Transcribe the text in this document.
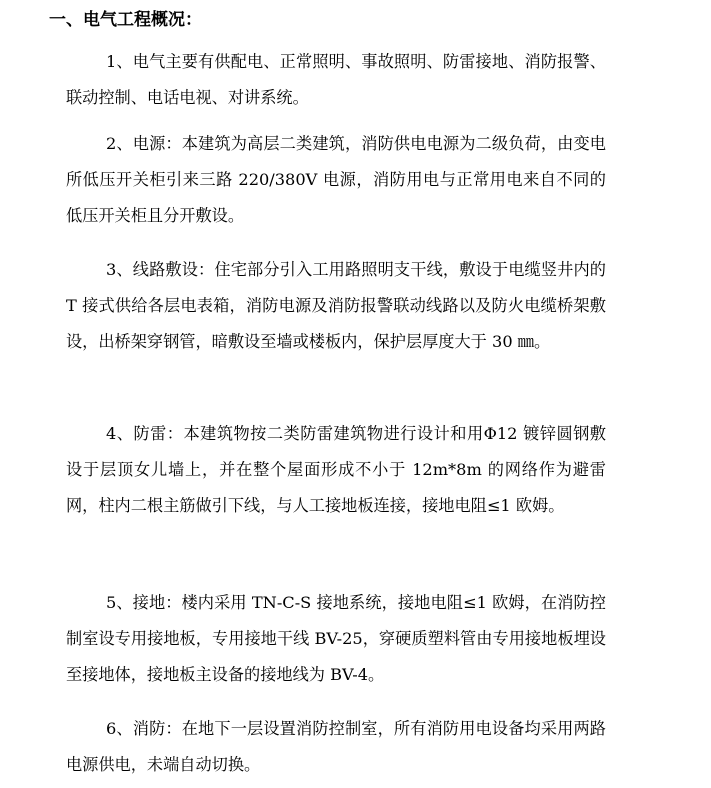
一、电气工程概况：

1、电气主要有供配电、正常照明、事故照明、防雷接地、消防报警、联动控制、电话电视、对讲系统。

2、电源：本建筑为高层二类建筑，消防供电电源为二级负荷，由变电所低压开关柜引来三路 220/380V 电源，消防用电与正常用电来自不同的低压开关柜且分开敷设。

3、线路敷设：住宅部分引入工用路照明支干线，敷设于电缆竖井内的 T 接式供给各层电表箱，消防电源及消防报警联动线路以及防火电缆桥架敷设，出桥架穿钢管，暗敷设至墙或楼板内，保护层厚度大于 30 ㎜。

4、防雷：本建筑物按二类防雷建筑物进行设计和用Φ12 镀锌圆钢敷设于层顶女儿墙上，并在整个屋面形成不小于 12m*8m 的网络作为避雷网，柱内二根主筋做引下线，与人工接地板连接，接地电阻≤1 欧姆。

5、接地：楼内采用 TN-C-S 接地系统，接地电阻≤1 欧姆，在消防控制室设专用接地板，专用接地干线 BV-25，穿硬质塑料管由专用接地板埋设至接地体，接地板主设备的接地线为 BV-4。

6、消防：在地下一层设置消防控制室，所有消防用电设备均采用两路电源供电，未端自动切换。
